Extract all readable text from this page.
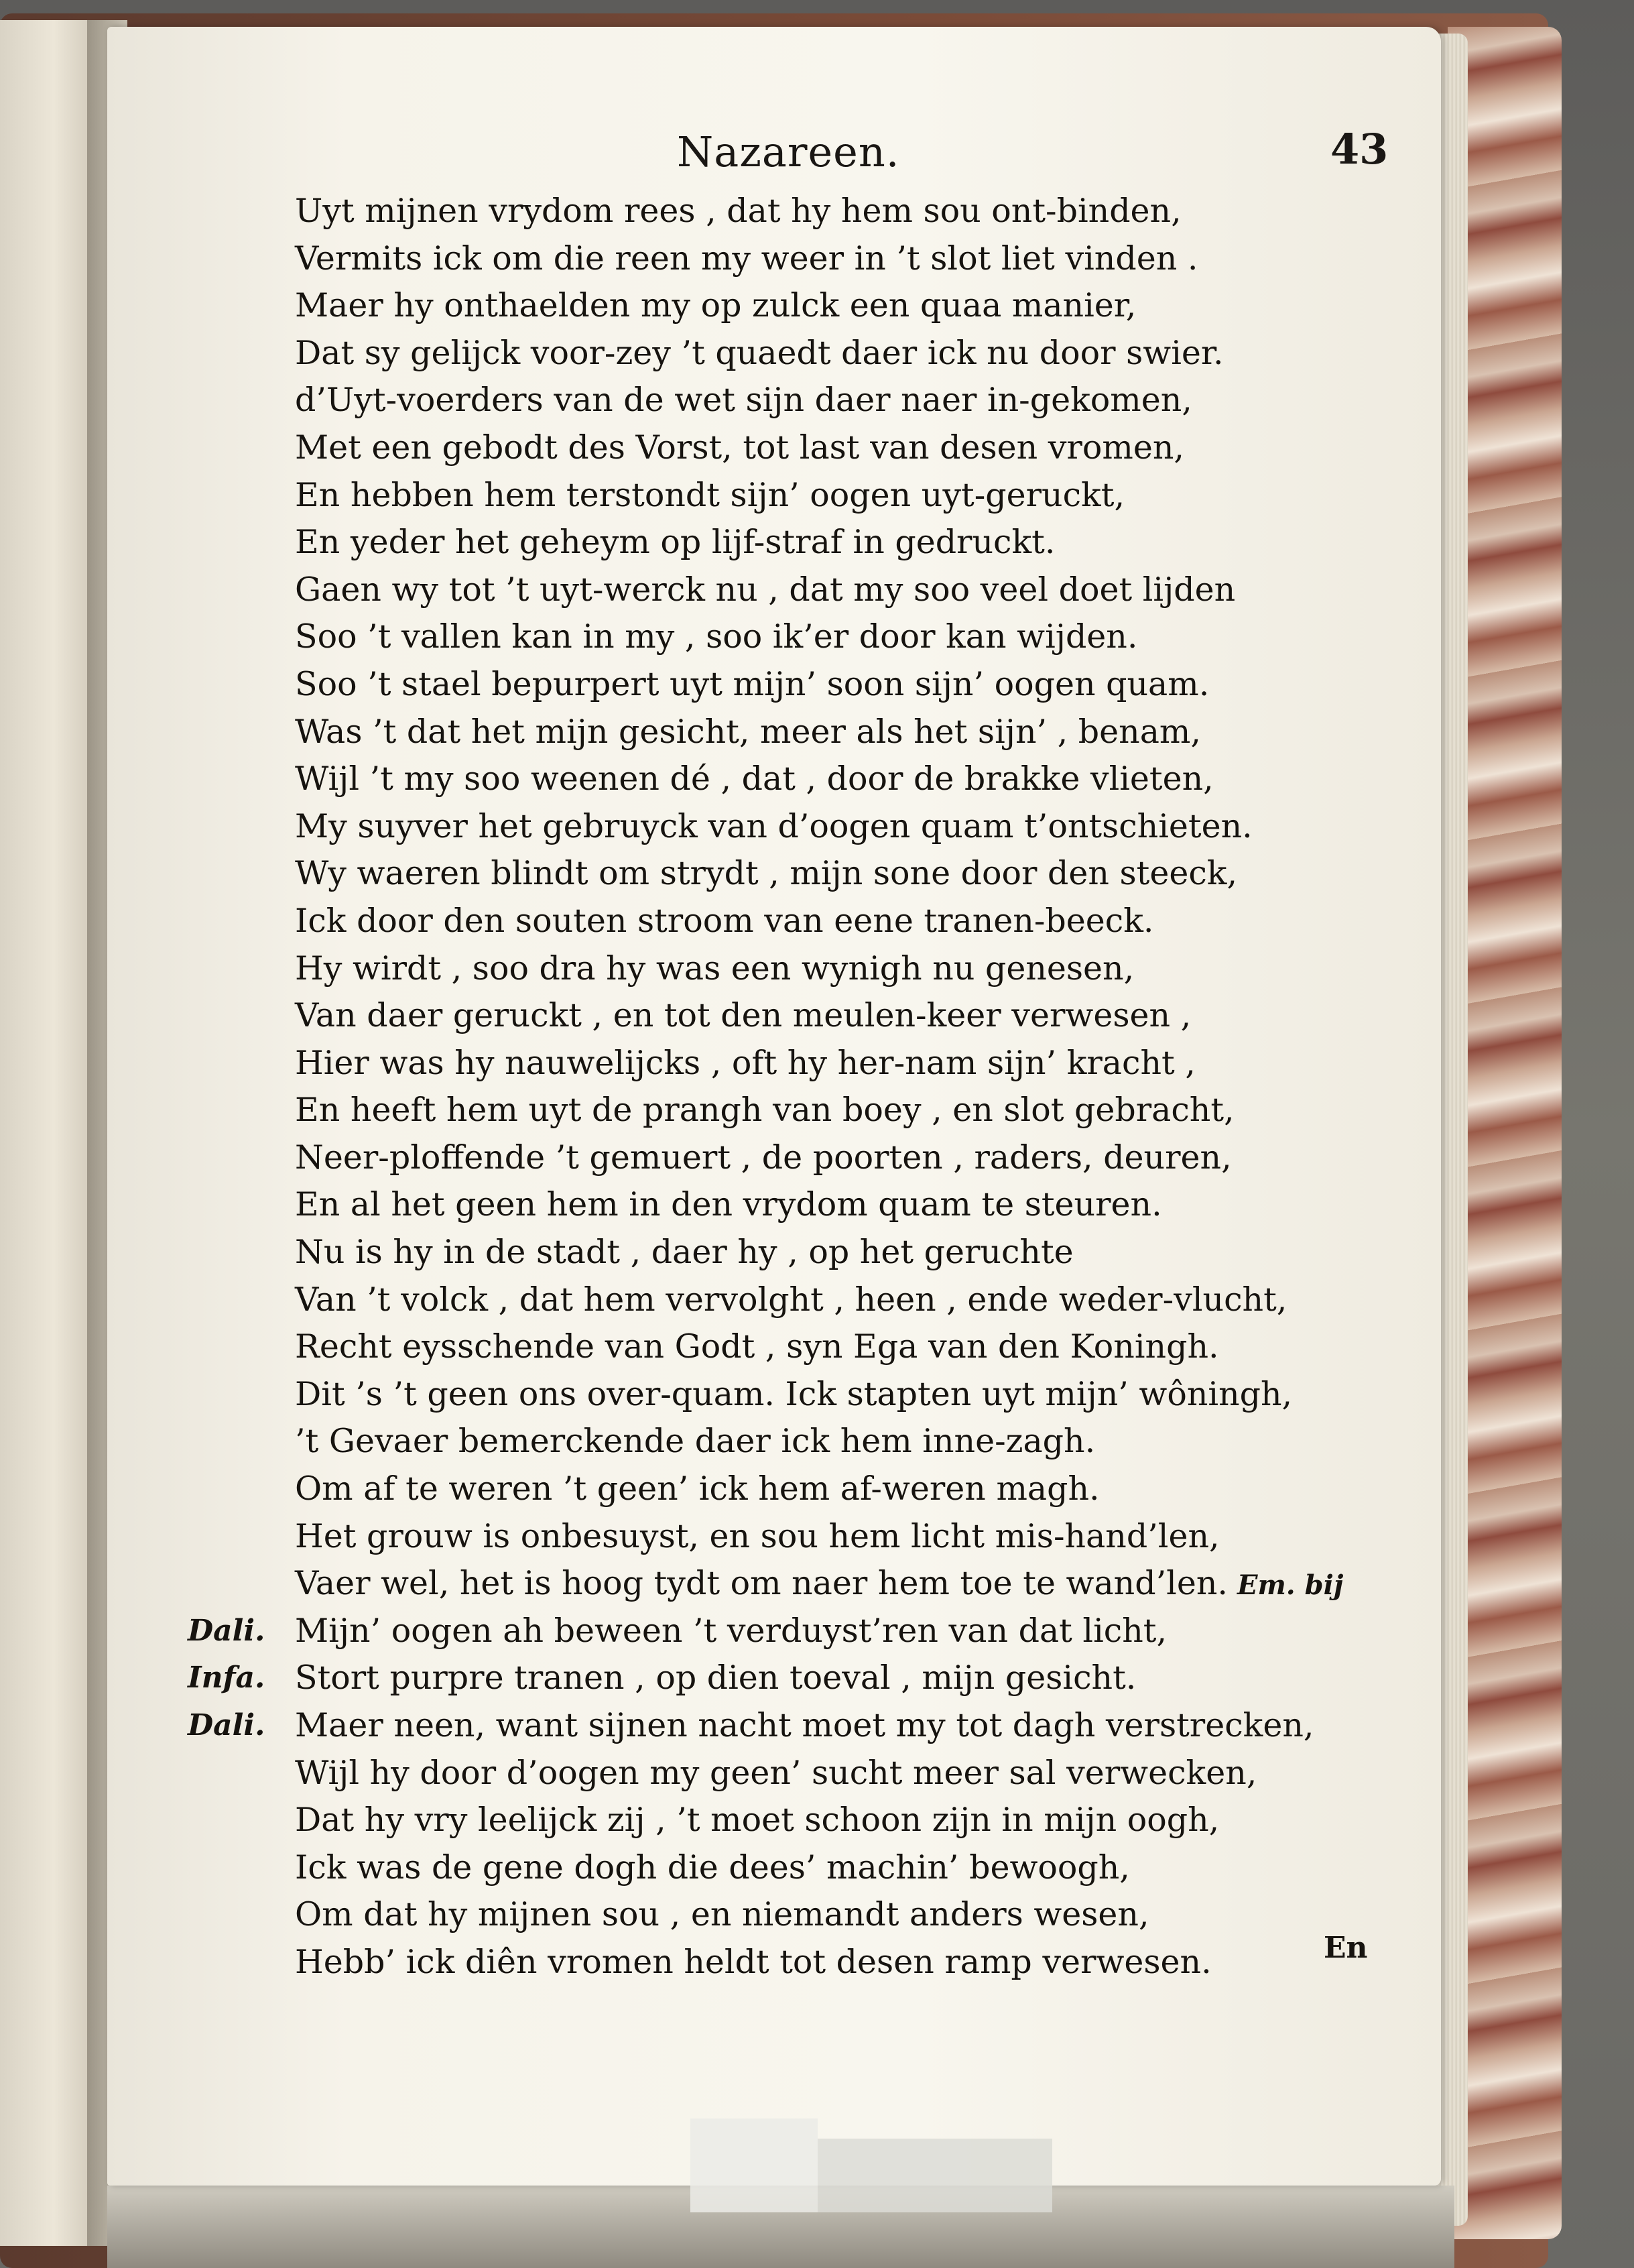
Nazareen.	43
Uyt mijnen vrydom rees , dat hy hem sou ont-binden,
Vermits ick om die reen my weer in ’t slot liet vinden .
Maer hy onthaelden my op zulck een quaa manier,
Dat sy gelijck voor-zey ’t quaedt daer ick nu door swier.
d’Uyt-voerders van de wet sijn daer naer in-gekomen,
Met een gebodt des Vorst, tot last van desen vromen,
En hebben hem terstondt sijn’ oogen uyt-geruckt,
En yeder het geheym op lijf-straf in gedruckt.
Gaen wy tot ’t uyt-werck nu , dat my soo veel doet lijden
Soo ’t vallen kan in my , soo ik’er door kan wijden.
Soo ’t stael bepurpert uyt mijn’ soon sijn’ oogen quam.
Was ’t dat het mijn gesicht, meer als het sijn’ , benam,
Wijl ’t my soo weenen dé , dat , door de brakke vlieten,
My suyver het gebruyck van d’oogen quam t’ontschieten.
Wy waeren blindt om strydt , mijn sone door den steeck,
Ick door den souten stroom van eene tranen-beeck.
Hy wirdt , soo dra hy was een wynigh nu genesen,
Van daer geruckt , en tot den meulen-keer verwesen ,
Hier was hy nauwelijcks , oft hy her-nam sijn’ kracht ,
En heeft hem uyt de prangh van boey , en slot gebracht,
Neer-ploffende ’t gemuert , de poorten , raders, deuren,
En al het geen hem in den vrydom quam te steuren.
Nu is hy in de stadt , daer hy , op het geruchte
Van ’t volck , dat hem vervolght , heen , ende weder-vlucht,
Recht eysschende van Godt , syn Ega van den Koningh.
Dit ’s ’t geen ons over-quam. Ick stapten uyt mijn’ wôningh,
’t Gevaer bemerckende daer ick hem inne-zagh.
Om af te weren ’t geen’ ick hem af-weren magh.
Het grouw is onbesuyst, en sou hem licht mis-hand’len,
Vaer wel, het is hoog tydt om naer hem toe te wand’len. Em. bij
Dali. Mijn’ oogen ah beween ’t verduyst’ren van dat licht,
Infa. Stort purpre tranen , op dien toeval , mijn gesicht.
Dali. Maer neen, want sijnen nacht moet my tot dagh verstrecken,
Wijl hy door d’oogen my geen’ sucht meer sal verwecken,
Dat hy vry leelijck zij , ’t moet schoon zijn in mijn oogh,
Ick was de gene dogh die dees’ machin’ bewoogh,
Om dat hy mijnen sou , en niemandt anders wesen,
Hebb’ ick diên vromen heldt tot desen ramp verwesen.	En
